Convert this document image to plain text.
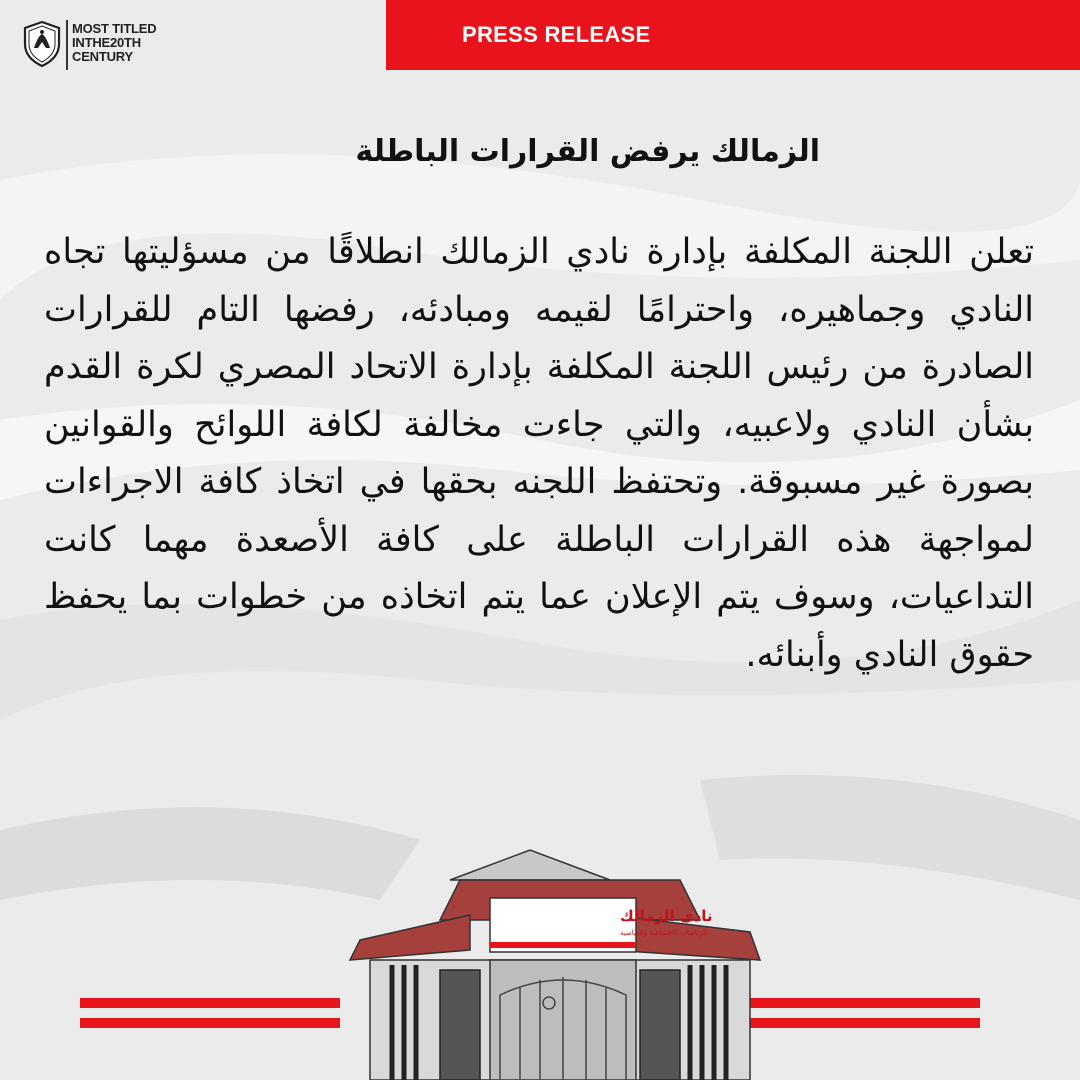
MOST TITLED
INTHE20TH
CENTURY
PRESS RELEASE
الزمالك يرفض القرارات الباطلة
تعلن اللجنة المكلفة بإدارة نادي الزمالك انطلاقًا من مسؤليتها تجاه النادي وجماهيره، واحترامًا لقيمه ومبادئه، رفضها التام للقرارات الصادرة من رئيس اللجنة المكلفة بإدارة الاتحاد المصري لكرة القدم بشأن النادي ولاعبيه، والتي جاءت مخالفة لكافة اللوائح والقوانين بصورة غير مسبوقة. وتحتفظ اللجنه بحقها في اتخاذ كافة الاجراءات لمواجهة هذه القرارات الباطلة على كافة الأصعدة مهما كانت التداعيات، وسوف يتم الإعلان عما يتم اتخاذه من خطوات بما يحفظ حقوق النادي وأبنائه.
نادي الزمالك
للرياضات الاجتماعية والرياضية
